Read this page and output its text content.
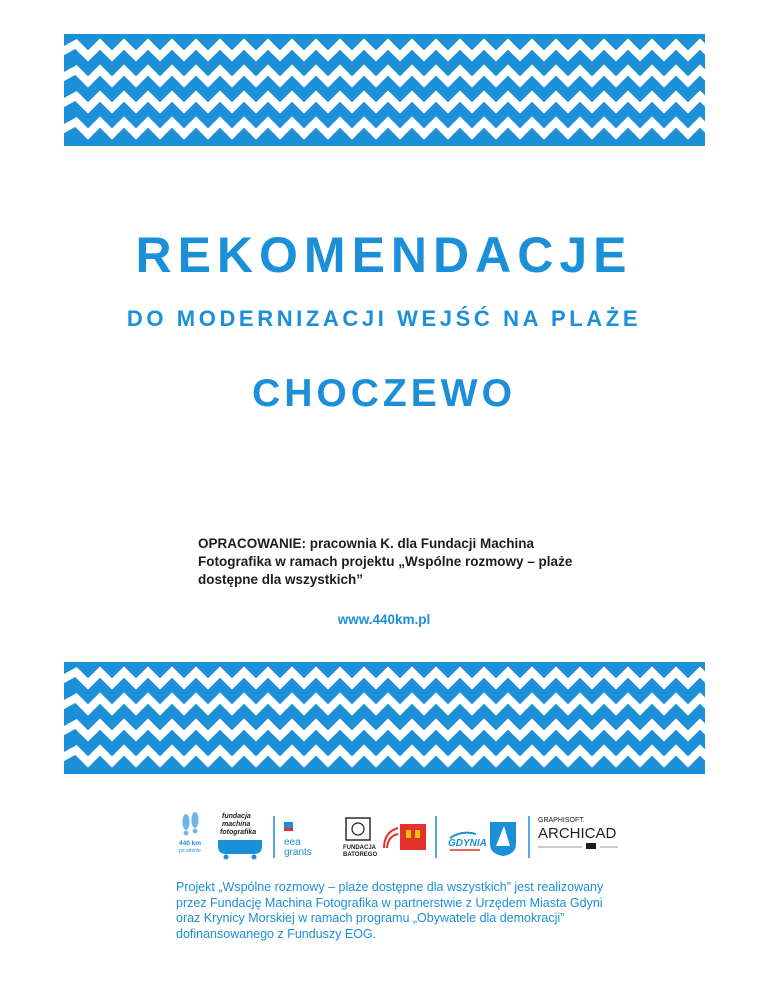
REKOMENDACJE
DO MODERNIZACJI WEJŚĆ NA PLAŻE
CHOCZEWO

OPRACOWANIE: pracownia K. dla Fundacji Machina Fotografika w ramach projektu „Wspólne rozmowy – plaże dostępne dla wszystkich”

www.440km.pl
440 km
po stronie
fundacja
machina
fotografika
eea
grants	FUNDACJA
BATOREGO
GDYNIA
GRAPHISOFT.
ARCHICAD

Projekt „Wspólne rozmowy – plaże dostępne dla wszystkich” jest realizowany przez Fundację Machina Fotografika w partnerstwie z Urzędem Miasta Gdyni oraz Krynicy Morskiej w ramach programu „Obywatele dla demokracji” dofinansowanego z Funduszy EOG.
